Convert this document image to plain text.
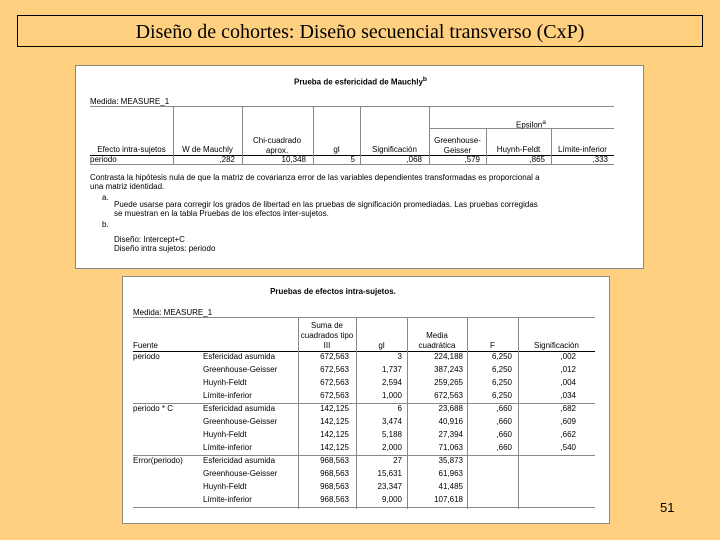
Diseño de cohortes: Diseño secuencial transverso (CxP)
Prueba de esfericidad de Mauchly$^b$
Medida: MEASURE_1
Epsilon$^a$
Efecto intra-sujetos	W de Mauchly
Chi-cuadrado aprox.	gl	Significación
Greenhouse-Geisser	Huynh-Feldt	Límite-inferior
periodo	,282	10,348	5	,068	,579	,865	,333
Contrasta la hipótesis nula de que la matriz de covarianza error de las variables dependientes transformadas es proporcional a
una matriz identidad.
a.
Puede usarse para corregir los grados de libertad en las pruebas de significación promediadas. Las pruebas corregidas
se muestran en la tabla Pruebas de los efectos inter-sujetos.
b.
Diseño: Intercept+C
Diseño intra sujetos: periodo
Pruebas de efectos intra-sujetos.
Medida: MEASURE_1
Fuente
Suma de cuadrados tipo III	gl
Media cuadrática	F	Significación
periodo	Esfericidad asumida	672,563	3	224,188	6,250	,002
Greenhouse-Geisser	672,563	1,737	387,243	6,250	,012
Huynh-Feldt	672,563	2,594	259,265	6,250	,004
Límite-inferior	672,563	1,000	672,563	6,250	,034
periodo * C	Esfericidad asumida	142,125	6	23,688	,660	,682
Greenhouse-Geisser	142,125	3,474	40,916	,660	,609
Huynh-Feldt	142,125	5,188	27,394	,660	,662
Límite-inferior	142,125	2,000	71,063	,660	,540
Error(periodo)	Esfericidad asumida	968,563	27	35,873
Greenhouse-Geisser	968,563	15,631	61,963
Huynh-Feldt	968,563	23,347	41,485
Límite-inferior	968,563	9,000	107,618
51
